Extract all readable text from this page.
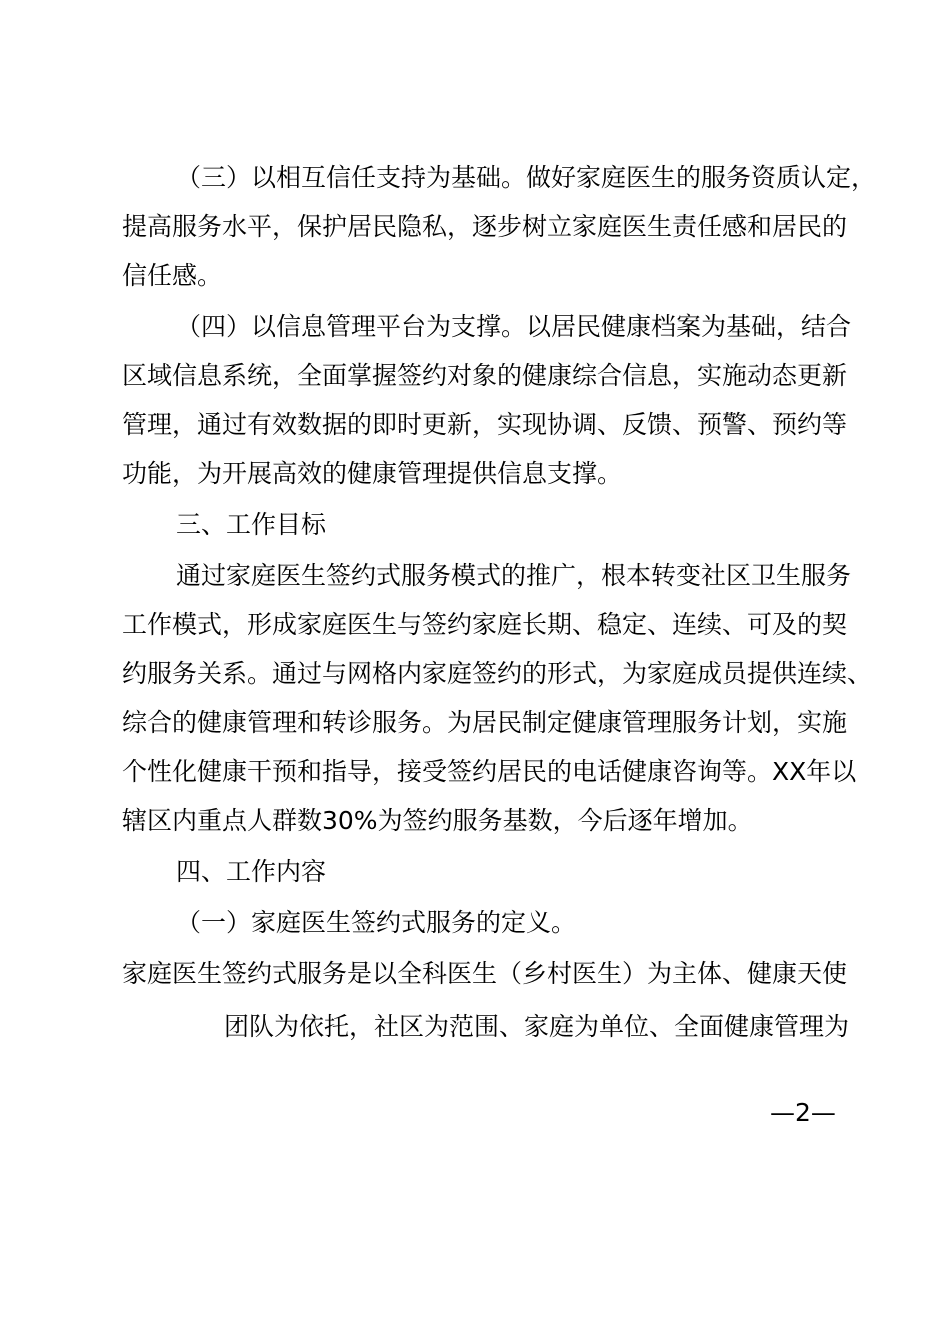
（三）以相互信任支持为基础。做好家庭医生的服务资质认定，
提高服务水平，保护居民隐私，逐步树立家庭医生责任感和居民的
信任感。
（四）以信息管理平台为支撑。以居民健康档案为基础，结合
区域信息系统，全面掌握签约对象的健康综合信息，实施动态更新
管理，通过有效数据的即时更新，实现协调、反馈、预警、预约等
功能，为开展高效的健康管理提供信息支撑。
三、工作目标
通过家庭医生签约式服务模式的推广，根本转变社区卫生服务
工作模式，形成家庭医生与签约家庭长期、稳定、连续、可及的契
约服务关系。通过与网格内家庭签约的形式，为家庭成员提供连续、
综合的健康管理和转诊服务。为居民制定健康管理服务计划，实施
个性化健康干预和指导，接受签约居民的电话健康咨询等。XX年以
辖区内重点人群数30%为签约服务基数，今后逐年增加。
四、工作内容
（一）家庭医生签约式服务的定义。
家庭医生签约式服务是以全科医生（乡村医生）为主体、健康天使
团队为依托，社区为范围、家庭为单位、全面健康管理为
—2—
